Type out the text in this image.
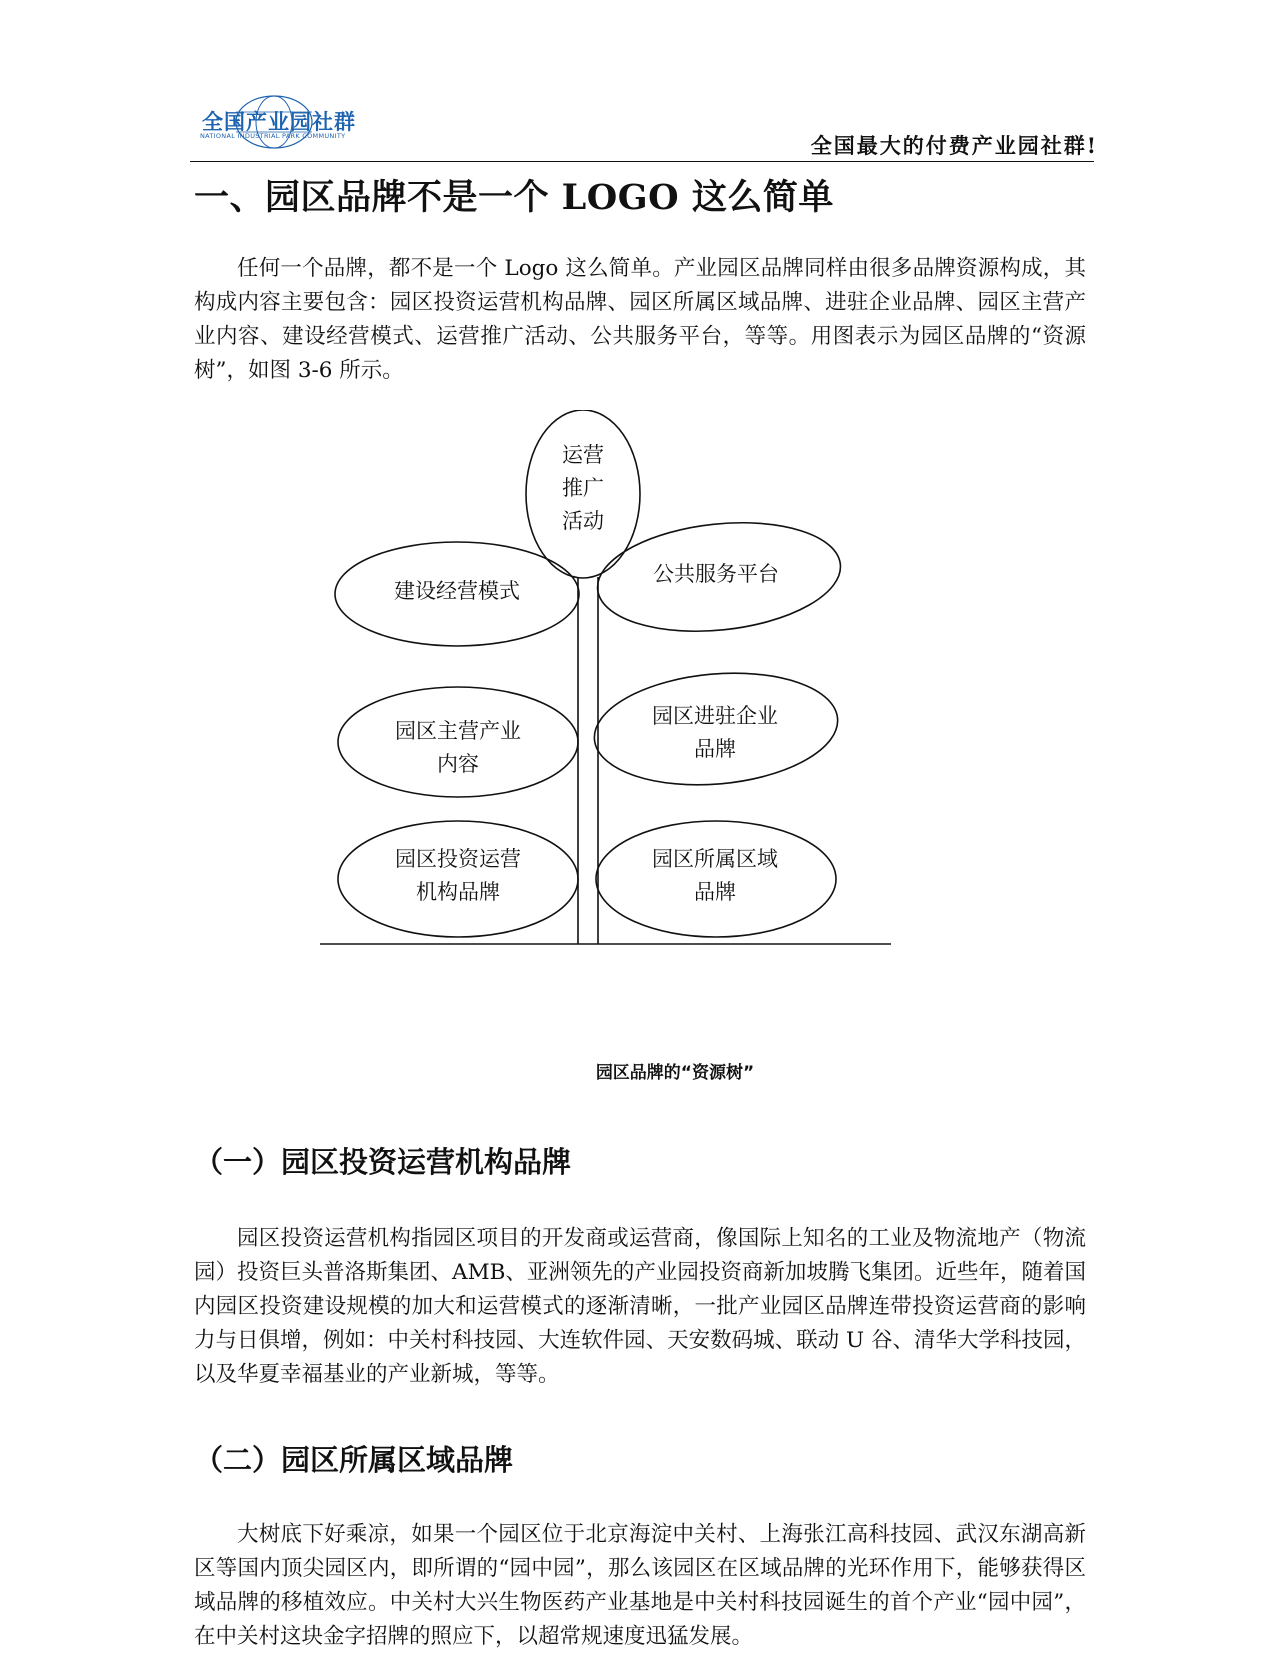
全国产业园社群
NATIONAL INDUSTRIAL PARK COMMUNITY	全国最大的付费产业园社群!
一、园区品牌不是一个 LOGO 这么简单

任何一个品牌，都不是一个 Logo 这么简单。产业园区品牌同样由很多品牌资源构成，其构成内容主要包含：园区投资运营机构品牌、园区所属区域品牌、进驻企业品牌、园区主营产业内容、建设经营模式、运营推广活动、公共服务平台，等等。用图表示为园区品牌的“资源树”，如图 3-6 所示。

运营
推广
活动
建设经营模式
公共服务平台
园区主营产业
内容
园区进驻企业
品牌
园区投资运营
机构品牌
园区所属区域
品牌
园区品牌的“资源树”
（一）园区投资运营机构品牌

园区投资运营机构指园区项目的开发商或运营商，像国际上知名的工业及物流地产（物流园）投资巨头普洛斯集团、AMB、亚洲领先的产业园投资商新加坡腾飞集团。近些年，随着国内园区投资建设规模的加大和运营模式的逐渐清晰，一批产业园区品牌连带投资运营商的影响力与日俱增，例如：中关村科技园、大连软件园、天安数码城、联动 U 谷、清华大学科技园，以及华夏幸福基业的产业新城，等等。

（二）园区所属区域品牌

大树底下好乘凉，如果一个园区位于北京海淀中关村、上海张江高科技园、武汉东湖高新区等国内顶尖园区内，即所谓的“园中园”，那么该园区在区域品牌的光环作用下，能够获得区域品牌的移植效应。中关村大兴生物医药产业基地是中关村科技园诞生的首个产业“园中园”，在中关村这块金字招牌的照应下，以超常规速度迅猛发展。
